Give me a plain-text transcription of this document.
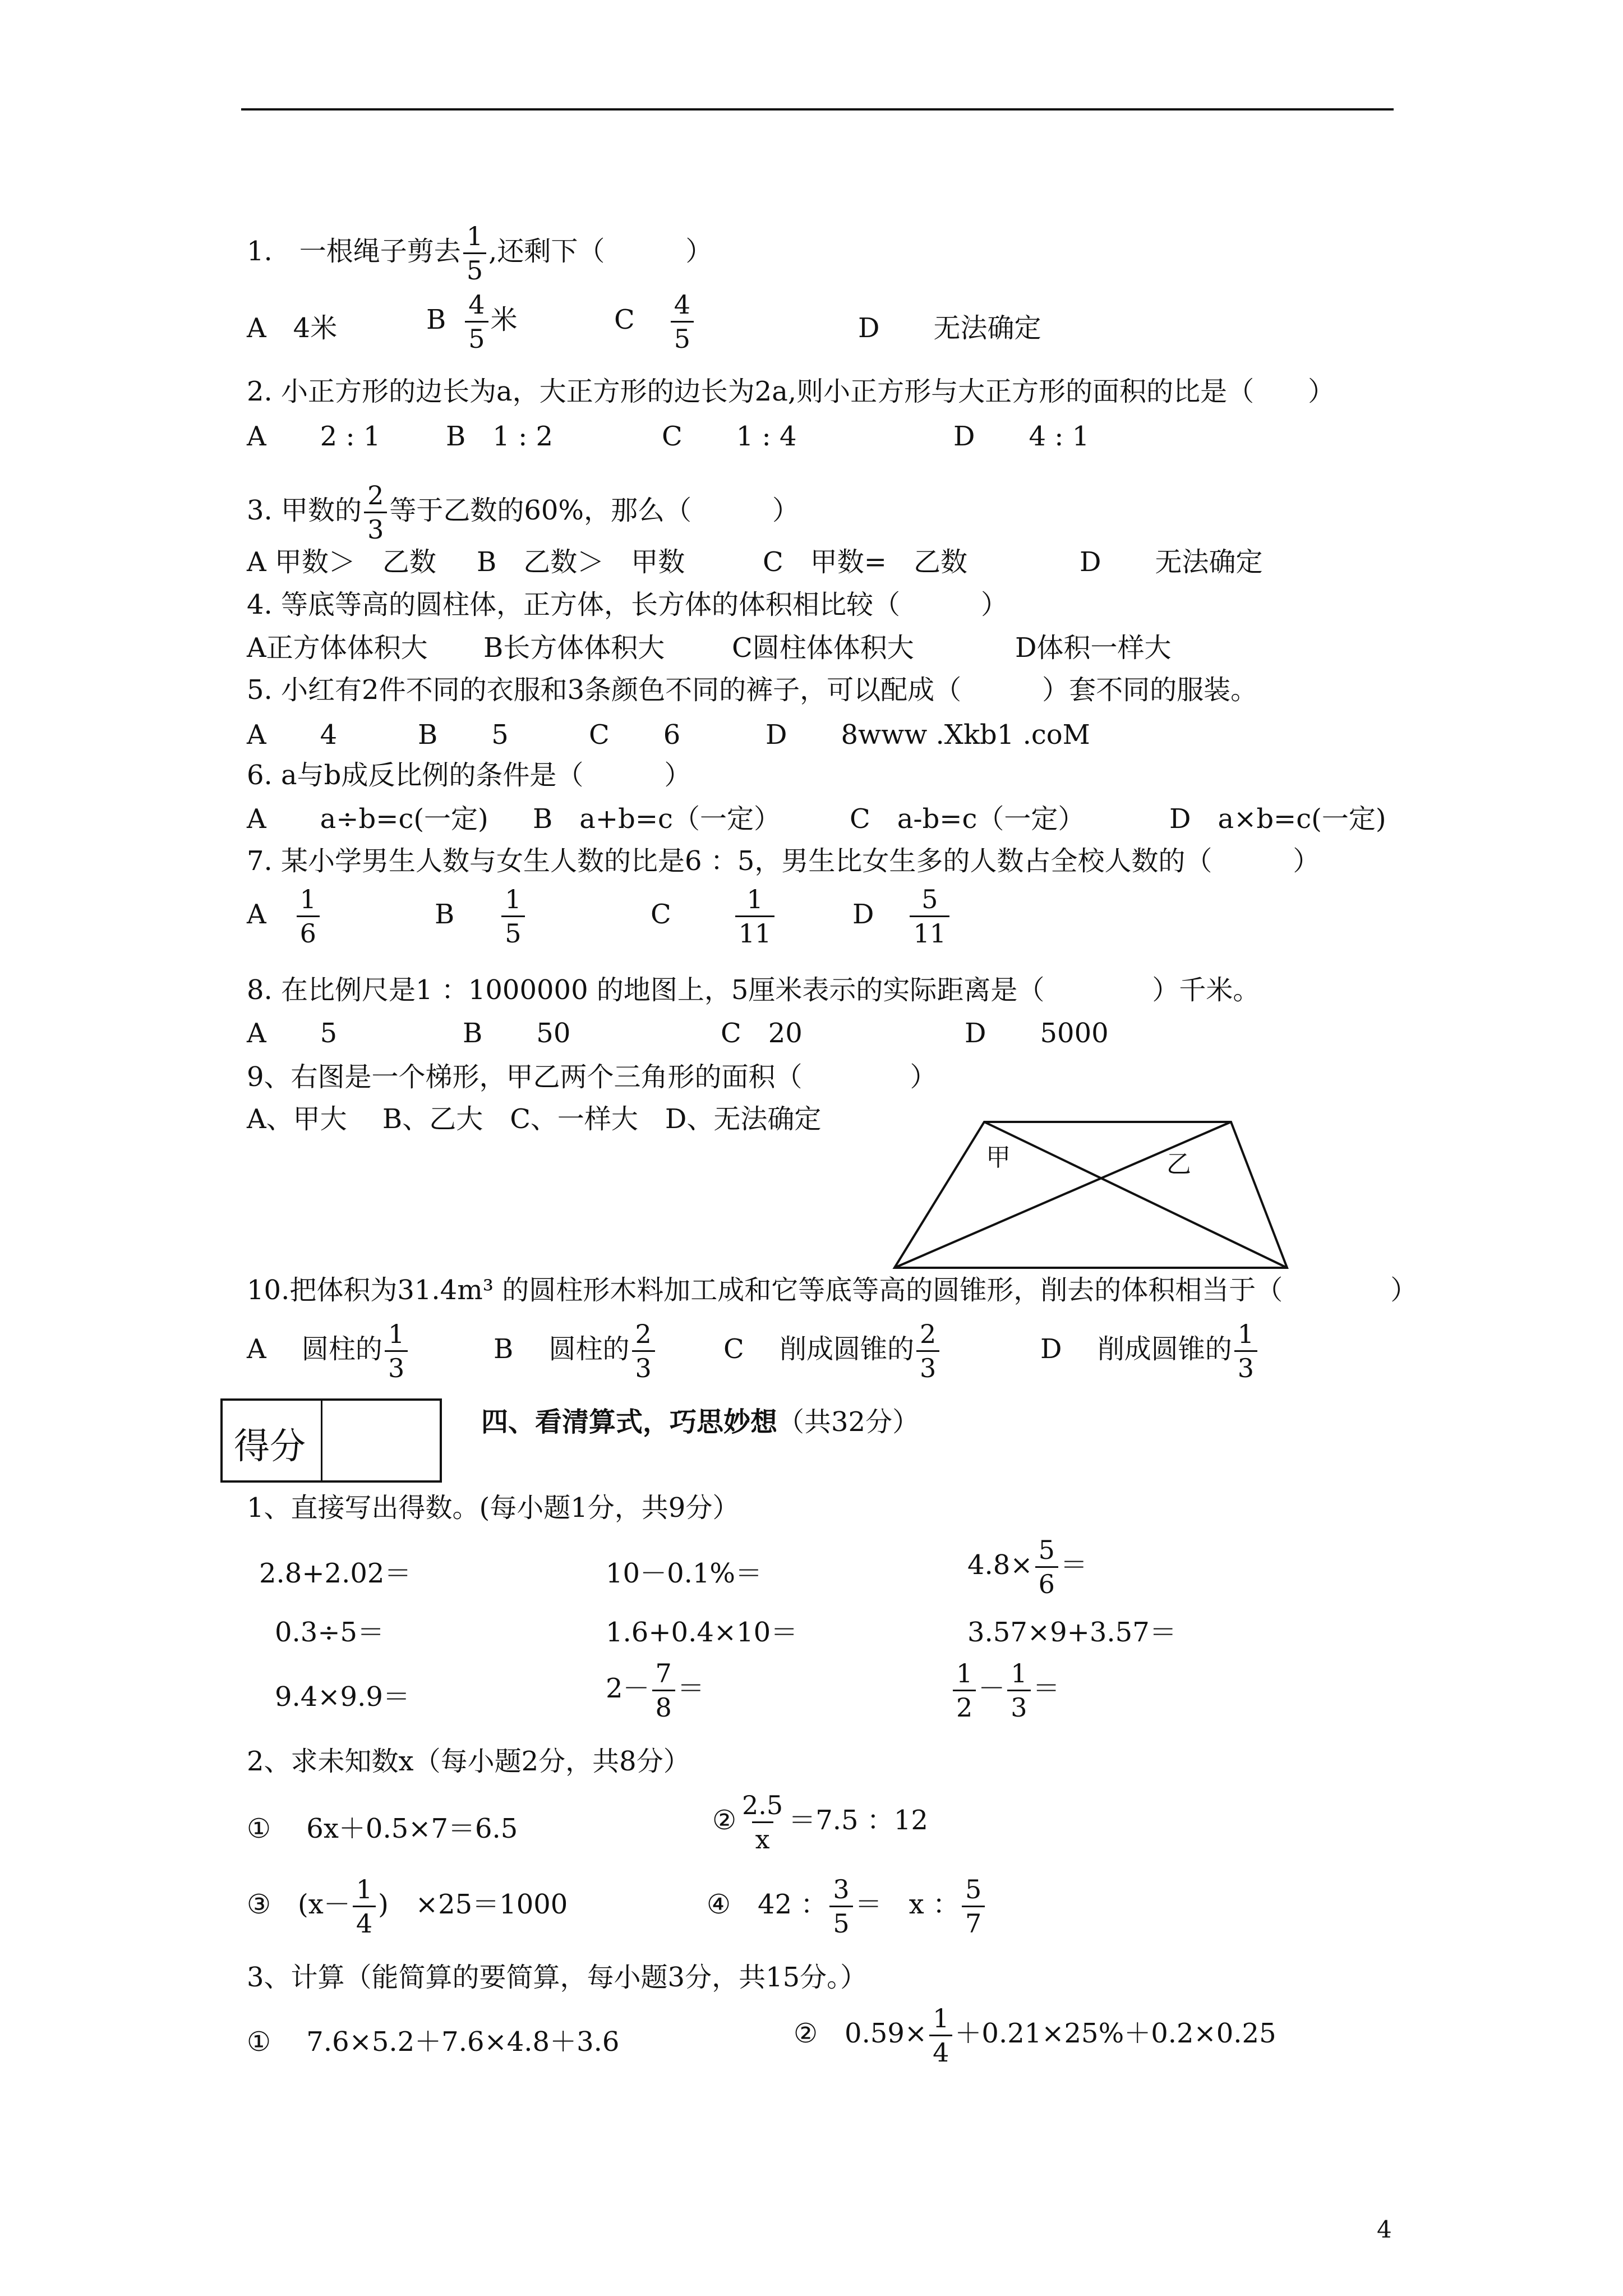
1.　一根绳子剪去 $\frac{1}{5}$ ,还剩下（　　　）
A　4米	B $\frac{4}{5}$ 米	C $\frac{4}{5}$	D　　无法确定
2. 小正方形的边长为a，大正方形的边长为2a,则小正方形与大正方形的面积的比是（　　）
A　　2 : 1 B　1 : 2	C　　1 : 4	D　　4 : 1
3. 甲数的 $\frac{2}{3}$ 等于乙数的60%，那么（　　　）
A 甲数＞　乙数 B　乙数＞　甲数	C　甲数=　乙数	D　　无法确定
4. 等底等高的圆柱体，正方体，长方体的体积相比较（　　　）
A正方体体积大 B长方体体积大 C圆柱体体积大	D体积一样大
5. 小红有2件不同的衣服和3条颜色不同的裤子，可以配成（　　　）套不同的服装。
A　　4	B　　5	C　　6	D　　8www .Xkb1 .coM
6. a与b成反比例的条件是（　　　）
A　　a÷b=c(一定) B　a+b=c（一定）	C　a-b=c（一定）	D　a×b=c(一定)
7. 某小学男生人数与女生人数的比是6 ：5，男生比女生多的人数占全校人数的（　　　）
A $\frac{1}{6}$	B $\frac{1}{5}$	C $\frac{1}{11}$	D $\frac{5}{11}$
8. 在比例尺是1 ：1000000 的地图上，5厘米表示的实际距离是（　　　　）千米。
A　　5	B　　50	C　20	D　　5000
9、右图是一个梯形，甲乙两个三角形的面积（　　　　）
A、甲大　 B、乙大　C、一样大　D、无法确定
甲	乙
10.把体积为31.4m³ 的圆柱形木料加工成和它等底等高的圆锥形，削去的体积相当于（　　　　）
A　 圆柱的 $\frac{1}{3}$	B　 圆柱的 $\frac{2}{3}$	C　 削成圆锥的 $\frac{2}{3}$	D　 削成圆锥的 $\frac{1}{3}$
得分
四、看清算式，巧思妙想（共32分）
1、直接写出得数。(每小题1分，共9分）
2.8+2.02＝	10－0.1%＝	$4.8\times \frac{5}{6}$ ＝
0.3÷5＝	1.6+0.4×10＝	3.57×9+3.57＝
9.4×9.9＝	$2- \frac{7}{8}$ ＝	$\frac{1}{2} - \frac{1}{3}$ ＝
2、求未知数x（每小题2分，共8分）
①　 6x＋0.5×7＝6.5	② $\frac{2.5}{x} =7.5$ ：12
③　($x- \frac{1}{4}$ )　×25＝1000	④　42 ： $\frac{3}{5}$ ＝　x ： $\frac{5}{7}$
3、计算（能简算的要简算，每小题3分，共15分。）
①　 7.6×5.2＋7.6×4.8＋3.6	②　$0.59\times \frac{1}{4} +0.21\times 25\%+0.2\times 0.25$
4
